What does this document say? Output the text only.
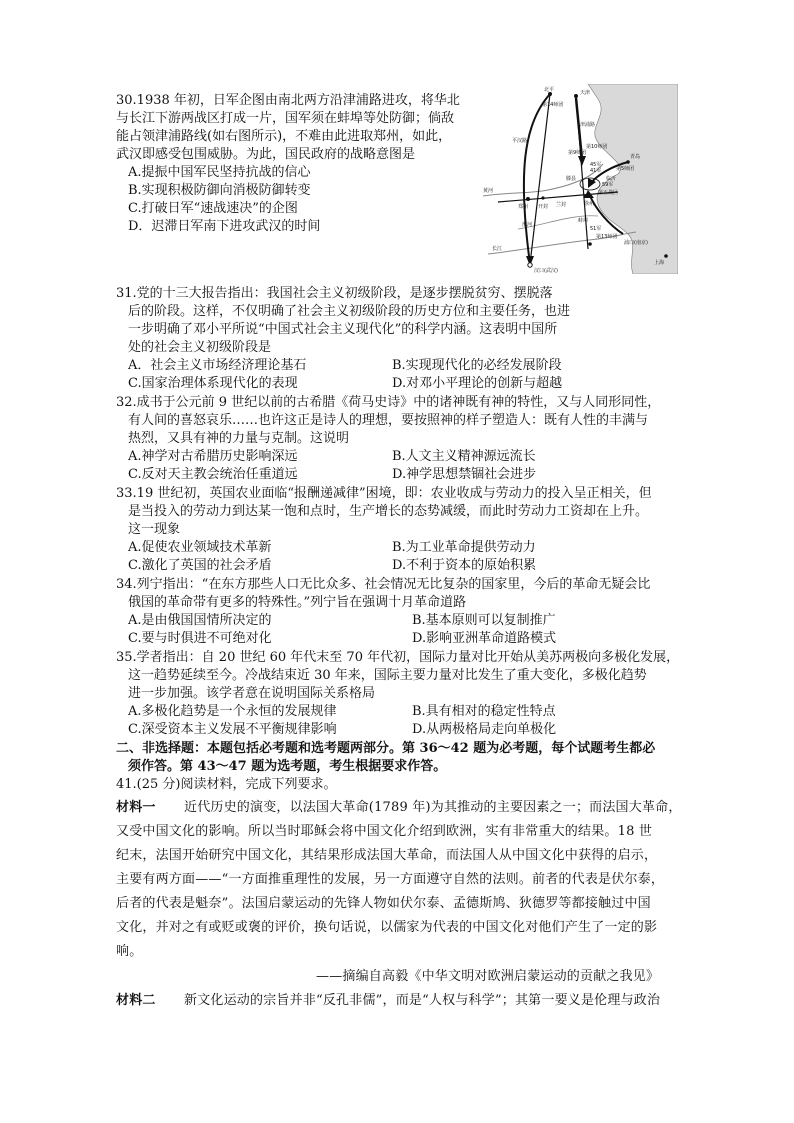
30.1938 年初，日军企图由南北两方沿津浦路进攻，将华北
与长江下游两战区打成一片，国军须在蚌埠等处防御；倘敌
能占领津浦路线(如右图所示)，不难由此进取郑州，如此，
武汉即感受包围威胁。为此，国民政府的战略意图是
A.提振中国军民坚持抗战的信心
B.实现积极防御向消极防御转变
C.打破日军“速战速决”的企图
D．迟滞日军南下进攻武汉的时间
北平	天津
平汉路
津浦路
黄河
郑州 开封 兰封	徐州
滕县	临沂
青岛
蚌埠
淮河
长江
浦口(南京)
上海
汉口(武汉)
第14师团
第10师团
第5师团
45军
41军
59军
51军
第13师团
第9师团
第五战区
31.党的十三大报告指出：我国社会主义初级阶段，是逐步摆脱贫穷、摆脱落
后的阶段。这样，不仅明确了社会主义初级阶段的历史方位和主要任务，也进
一步明确了邓小平所说“中国式社会主义现代化”的科学内涵。这表明中国所
处的社会主义初级阶段是
A．社会主义市场经济理论基石	B.实现现代化的必经发展阶段
C.国家治理体系现代化的表现	D.对邓小平理论的创新与超越
32.成书于公元前 9 世纪以前的古希腊《荷马史诗》中的诸神既有神的特性，又与人同形同性，
有人间的喜怒哀乐……也许这正是诗人的理想，要按照神的样子塑造人：既有人性的丰满与
热烈，又具有神的力量与克制。这说明
A.神学对古希腊历史影响深远	B.人文主义精神源远流长
C.反对天主教会统治任重道远	D.神学思想禁锢社会进步
33.19 世纪初，英国农业面临“报酬递减律”困境，即：农业收成与劳动力的投入呈正相关，但
是当投入的劳动力到达某一饱和点时，生产增长的态势减缓，而此时劳动力工资却在上升。
这一现象
A.促使农业领域技术革新	B.为工业革命提供劳动力
C.激化了英国的社会矛盾	D.不利于资本的原始积累
34.列宁指出：“在东方那些人口无比众多、社会情况无比复杂的国家里，今后的革命无疑会比
俄国的革命带有更多的特殊性。”列宁旨在强调十月革命道路
A.是由俄国国情所决定的	B.基本原则可以复制推广
C.要与时俱进不可绝对化	D.影响亚洲革命道路模式
35.学者指出：自 20 世纪 60 年代末至 70 年代初，国际力量对比开始从美苏两极向多极化发展，
这一趋势延续至今。冷战结束近 30 年来，国际主要力量对比发生了重大变化，多极化趋势
进一步加强。该学者意在说明国际关系格局
A.多极化趋势是一个永恒的发展规律	B.具有相对的稳定性特点
C.深受资本主义发展不平衡规律影响	D.从两极格局走向单极化
二、非选择题：本题包括必考题和选考题两部分。第 36～42 题为必考题，每个试题考生都必
须作答。第 43～47 题为选考题，考生根据要求作答。
41.(25 分)阅读材料，完成下列要求。
材料一 近代历史的演变，以法国大革命(1789 年)为其推动的主要因素之一；而法国大革命，
又受中国文化的影响。所以当时耶稣会将中国文化介绍到欧洲，实有非常重大的结果。18 世
纪末，法国开始研究中国文化，其结果形成法国大革命，而法国人从中国文化中获得的启示，
主要有两方面——“一方面推重理性的发展，另一方面遵守自然的法则。前者的代表是伏尔泰，
后者的代表是魁奈”。法国启蒙运动的先锋人物如伏尔泰、孟德斯鸠、狄德罗等都接触过中国
文化，并对之有或贬或褒的评价，换句话说，以儒家为代表的中国文化对他们产生了一定的影
响。
——摘编自高毅《中华文明对欧洲启蒙运动的贡献之我见》
材料二 新文化运动的宗旨并非“反孔非儒”，而是“人权与科学”；其第一要义是伦理与政治
